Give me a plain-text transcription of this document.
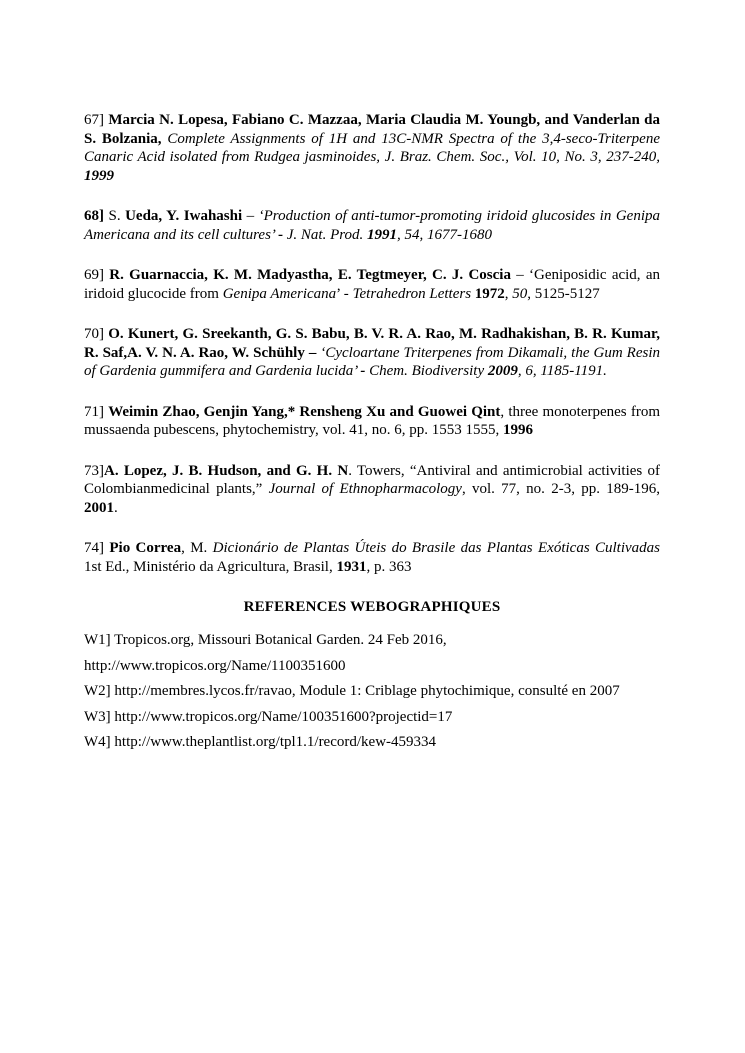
67] Marcia N. Lopesa, Fabiano C. Mazzaa, Maria Claudia M. Youngb, and Vanderlan da S. Bolzania, Complete Assignments of 1H and 13C-NMR Spectra of the 3,4-seco-Triterpene Canaric Acid isolated from Rudgea jasminoides, J. Braz. Chem. Soc., Vol. 10, No. 3, 237-240, 1999

68] S. Ueda, Y. Iwahashi – ‘Production of anti-tumor-promoting iridoid glucosides in Genipa Americana and its cell cultures’ - J. Nat. Prod. 1991, 54, 1677-1680

69] R. Guarnaccia, K. M. Madyastha, E. Tegtmeyer, C. J. Coscia – ‘Geniposidic acid, an iridoid glucocide from Genipa Americana’ - Tetrahedron Letters 1972, 50, 5125-5127

70] O. Kunert, G. Sreekanth, G. S. Babu, B. V. R. A. Rao, M. Radhakishan, B. R. Kumar, R. Saf,A. V. N. A. Rao, W. Schühly – ‘Cycloartane Triterpenes from Dikamali, the Gum Resin of Gardenia gummifera and Gardenia lucida’ - Chem. Biodiversity 2009, 6, 1185-1191.

71] Weimin Zhao, Genjin Yang,* Rensheng Xu and Guowei Qint, three monoterpenes from mussaenda pubescens, phytochemistry, vol. 41, no. 6, pp. 1553 1555, 1996

73]A. Lopez, J. B. Hudson, and G. H. N. Towers, “Antiviral and antimicrobial activities of Colombianmedicinal plants,” Journal of Ethnopharmacology, vol. 77, no. 2-3, pp. 189-196, 2001.

74] Pio Correa, M. Dicionário de Plantas Úteis do Brasile das Plantas Exóticas Cultivadas 1st Ed., Ministério da Agricultura, Brasil, 1931, p. 363

REFERENCES WEBOGRAPHIQUES

W1] Tropicos.org, Missouri Botanical Garden. 24 Feb 2016,

http://www.tropicos.org/Name/1100351600

W2] http://membres.lycos.fr/ravao, Module 1: Criblage phytochimique, consulté en 2007

W3] http://www.tropicos.org/Name/100351600?projectid=17

W4] http://www.theplantlist.org/tpl1.1/record/kew-459334
